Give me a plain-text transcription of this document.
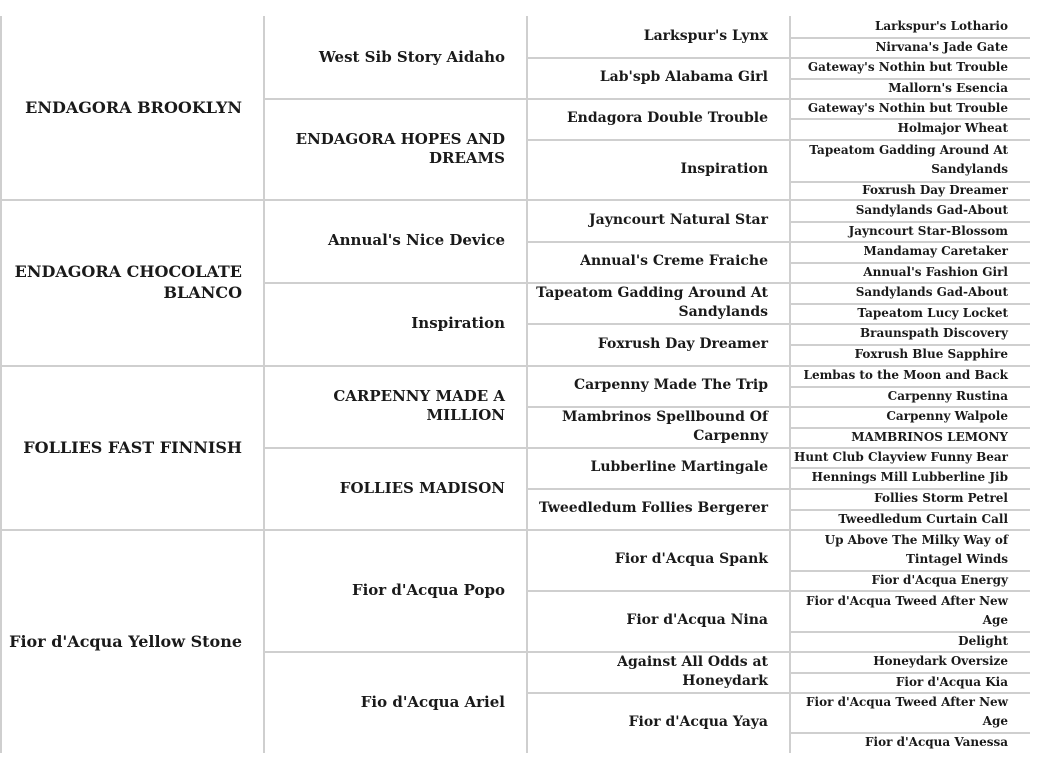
ENDAGORA BROOKLYN
West Sib Story Aidaho
Larkspur's Lynx
Lab'spb Alabama Girl
ENDAGORA HOPES AND DREAMS
Endagora Double Trouble
Inspiration
Larkspur's Lothario
Nirvana's Jade Gate
Gateway's Nothin but Trouble
Mallorn's Esencia
Gateway's Nothin but Trouble
Holmajor Wheat
Tapeatom Gadding Around At Sandylands
Foxrush Day Dreamer
ENDAGORA CHOCOLATE BLANCO
Annual's Nice Device
Jayncourt Natural Star
Annual's Creme Fraiche
Inspiration
Tapeatom Gadding Around At Sandylands
Foxrush Day Dreamer
Sandylands Gad-About
Jayncourt Star-Blossom
Mandamay Caretaker
Annual's Fashion Girl
Sandylands Gad-About
Tapeatom Lucy Locket
Braunspath Discovery
Foxrush Blue Sapphire
FOLLIES FAST FINNISH
CARPENNY MADE A MILLION
Carpenny Made The Trip
Mambrinos Spellbound Of Carpenny
FOLLIES MADISON
Lubberline Martingale
Tweedledum Follies Bergerer
Lembas to the Moon and Back
Carpenny Rustina
Carpenny Walpole
MAMBRINOS LEMONY
Hunt Club Clayview Funny Bear
Hennings Mill Lubberline Jib
Follies Storm Petrel
Tweedledum Curtain Call
Fior d'Acqua Yellow Stone
Fior d'Acqua Popo
Fior d'Acqua Spank
Fior d'Acqua Nina
Fio d'Acqua Ariel
Against All Odds at Honeydark
Fior d'Acqua Yaya
Up Above The Milky Way of Tintagel Winds
Fior d'Acqua Energy
Fior d'Acqua Tweed After New Age
Delight
Honeydark Oversize
Fior d'Acqua Kia
Fior d'Acqua Tweed After New Age
Fior d'Acqua Vanessa
